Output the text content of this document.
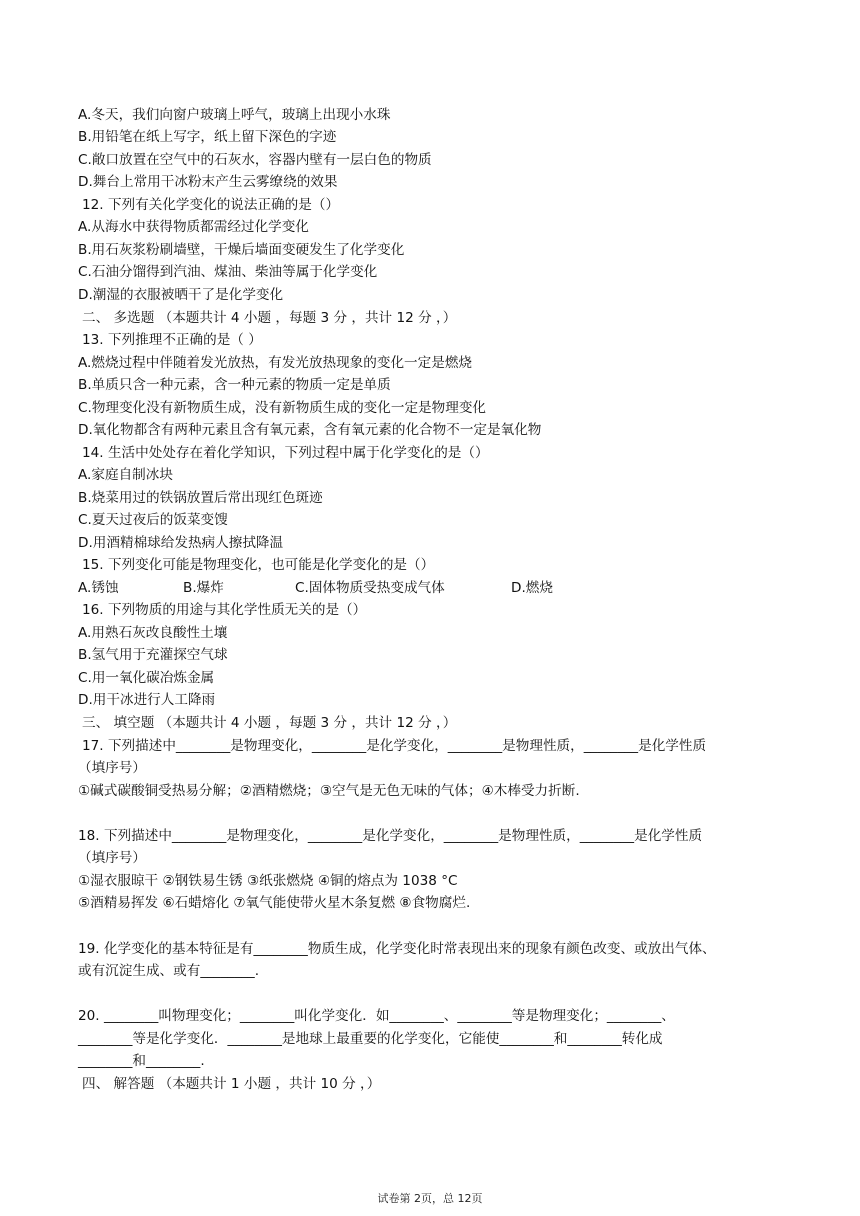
A.冬天，我们向窗户玻璃上呼气，玻璃上出现小水珠
B.用铅笔在纸上写字，纸上留下深色的字迹
C.敞口放置在空气中的石灰水，容器内壁有一层白色的物质
D.舞台上常用干冰粉末产生云雾缭绕的效果
12. 下列有关化学变化的说法正确的是（）
A.从海水中获得物质都需经过化学变化
B.用石灰浆粉刷墙壁，干燥后墙面变硬发生了化学变化
C.石油分馏得到汽油、煤油、柴油等属于化学变化
D.潮湿的衣服被晒干了是化学变化
二、 多选题 （本题共计 4 小题 ，每题 3 分 ，共计 12 分 ，）
13. 下列推理不正确的是（ ）
A.燃烧过程中伴随着发光放热，有发光放热现象的变化一定是燃烧
B.单质只含一种元素，含一种元素的物质一定是单质
C.物理变化没有新物质生成，没有新物质生成的变化一定是物理变化
D.氧化物都含有两种元素且含有氧元素，含有氧元素的化合物不一定是氧化物
14. 生活中处处存在着化学知识，下列过程中属于化学变化的是（）
A.家庭自制冰块
B.烧菜用过的铁锅放置后常出现红色斑迹
C.夏天过夜后的饭菜变馊
D.用酒精棉球给发热病人擦拭降温
15. 下列变化可能是物理变化，也可能是化学变化的是（）
A.锈蚀	B.爆炸	C.固体物质受热变成气体	D.燃烧
16. 下列物质的用途与其化学性质无关的是（）
A.用熟石灰改良酸性土壤
B.氢气用于充灌探空气球
C.用一氧化碳冶炼金属
D.用干冰进行人工降雨
三、 填空题 （本题共计 4 小题 ，每题 3 分 ，共计 12 分 ，）
17. 下列描述中________是物理变化，________是化学变化，________是物理性质，________是化学性质
（填序号）
①碱式碳酸铜受热易分解；②酒精燃烧；③空气是无色无味的气体；④木棒受力折断.
18. 下列描述中________是物理变化，________是化学变化，________是物理性质，________是化学性质
（填序号）
①湿衣服晾干 ②钢铁易生锈 ③纸张燃烧 ④铜的熔点为 1038 °C
⑤酒精易挥发 ⑥石蜡熔化 ⑦氧气能使带火星木条复燃 ⑧食物腐烂.
19. 化学变化的基本特征是有________物质生成，化学变化时常表现出来的现象有颜色改变、或放出气体、
或有沉淀生成、或有________.
20. ________叫物理变化；________叫化学变化．如________、________等是物理变化；________、
________等是化学变化．________是地球上最重要的化学变化，它能使________和________转化成
________和________.
四、 解答题 （本题共计 1 小题 ，共计 10 分 ，）
试卷第 2页，总 12页
